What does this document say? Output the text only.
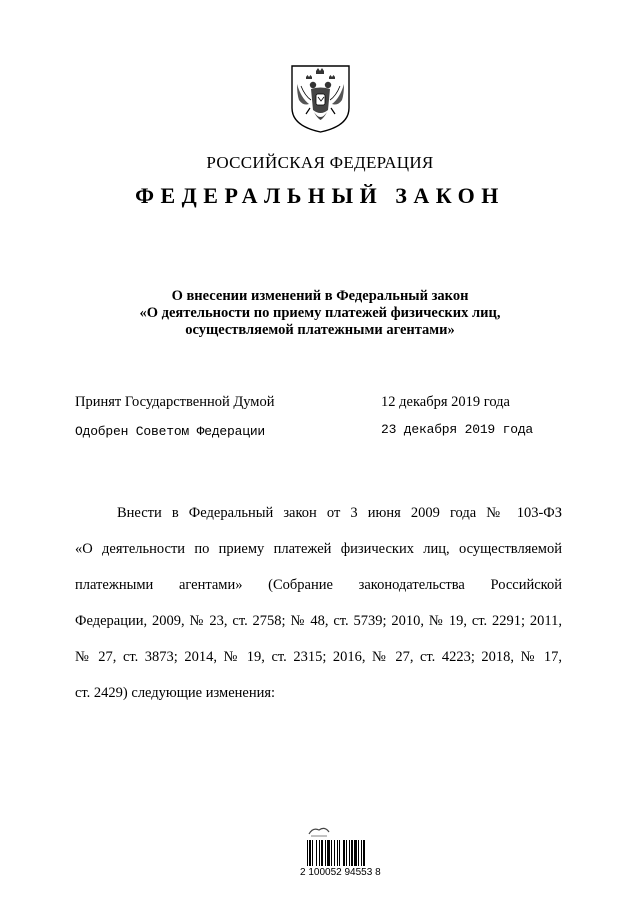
РОССИЙСКАЯ ФЕДЕРАЦИЯ
ФЕДЕРАЛЬНЫЙ ЗАКОН
О внесении изменений в Федеральный закон
«О деятельности по приему платежей физических лиц,
осуществляемой платежными агентами»
Принят Государственной Думой	12 декабря 2019 года
Одобрен Советом Федерации	23 декабря 2019 года
Внести в Федеральный закон от 3 июня 2009 года № 103-ФЗ
«О деятельности по приему платежей физических лиц, осуществляемой
платежными агентами» (Собрание законодательства Российской
Федерации, 2009, № 23, ст. 2758; № 48, ст. 5739; 2010, № 19, ст. 2291; 2011,
№ 27, ст. 3873; 2014, № 19, ст. 2315; 2016, № 27, ст. 4223; 2018, № 17,
ст. 2429) следующие изменения:
2 100052 94553 8
